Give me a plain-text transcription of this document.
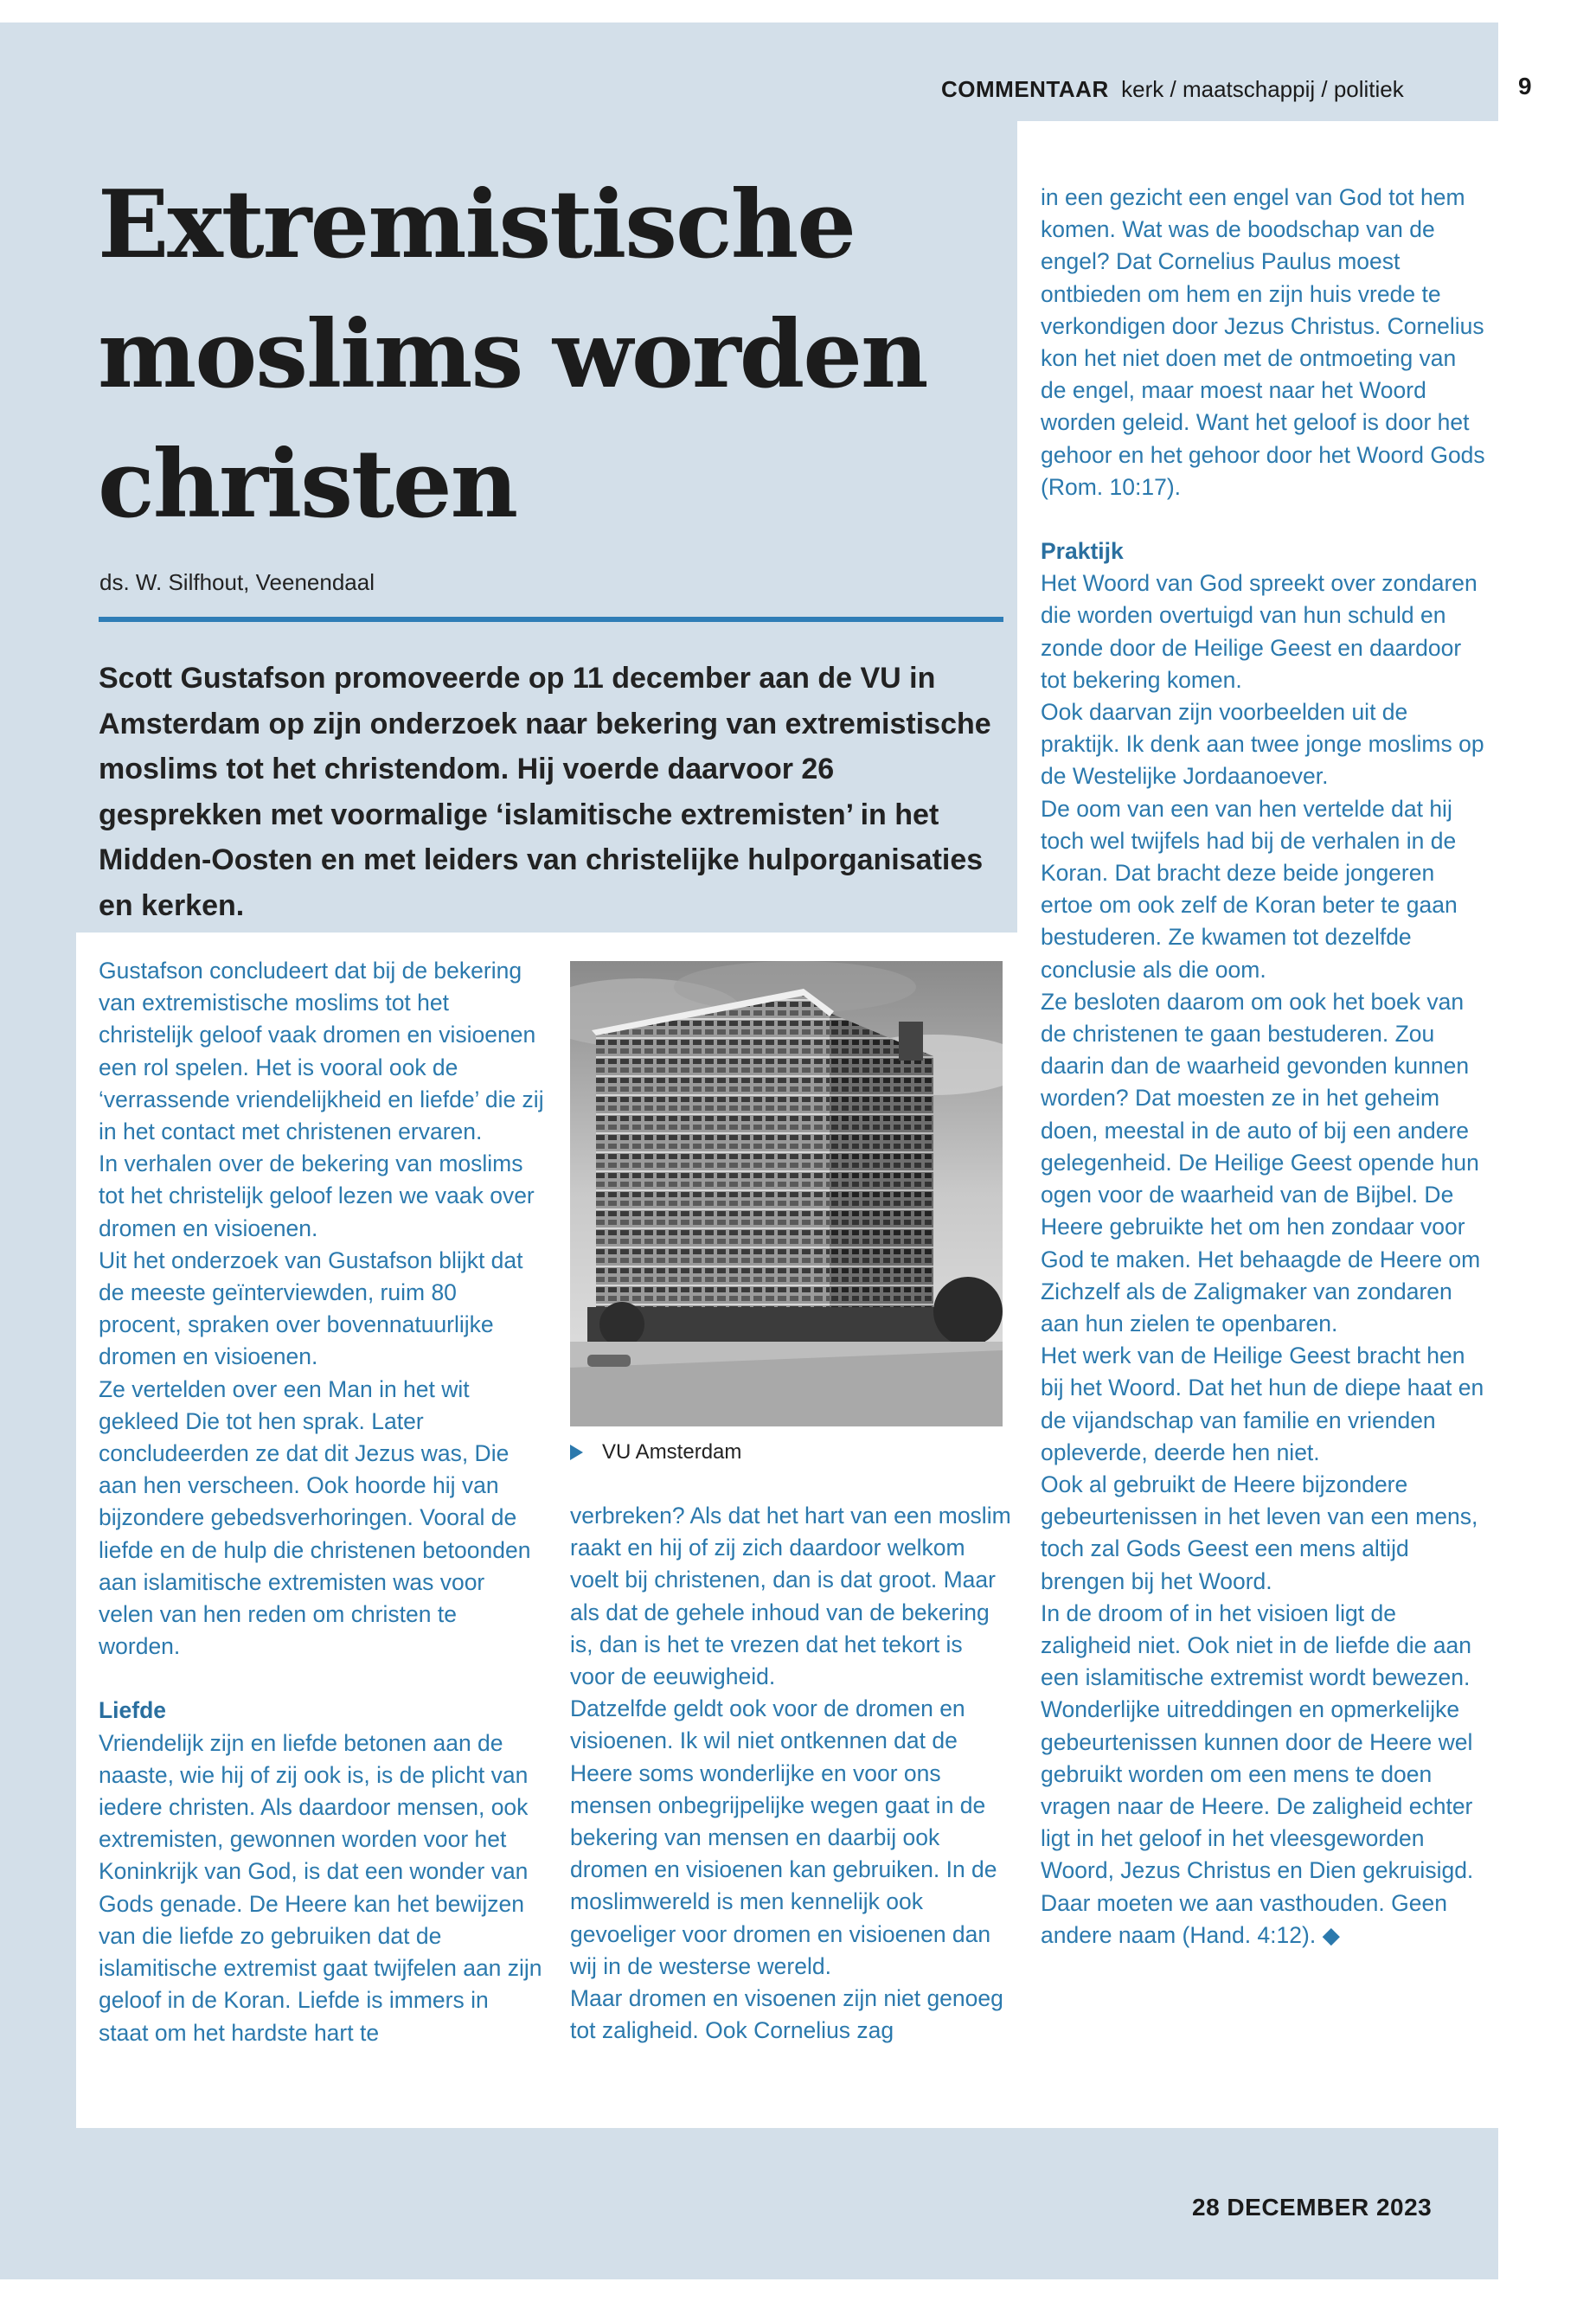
COMMENTAAR kerk / maatschappij / politiek	9
Extremistische moslims worden christen
ds. W. Silfhout, Veenendaal

Scott Gustafson promoveerde op 11 december aan de VU in Amsterdam op zijn onderzoek naar bekering van extremistische moslims tot het christendom. Hij voerde daarvoor 26 gesprekken met voormalige ‘islamitische extremisten’ in het Midden-Oosten en met leiders van christelijke hulporganisaties en kerken.

Gustafson concludeert dat bij de bekering van extremistische moslims tot het christelijk geloof vaak dromen en visioenen een rol spelen. Het is vooral ook de ‘verrassende vriendelijkheid en liefde’ die zij in het contact met christenen ervaren.

In verhalen over de bekering van moslims tot het christelijk geloof lezen we vaak over dromen en visioenen.

Uit het onderzoek van Gustafson blijkt dat de meeste geïnterviewden, ruim 80 procent, spraken over bovennatuurlijke dromen en visioenen.

Ze vertelden over een Man in het wit gekleed Die tot hen sprak. Later concludeerden ze dat dit Jezus was, Die aan hen verscheen. Ook hoorde hij van bijzondere gebedsverhoringen. Vooral de liefde en de hulp die christenen betoonden aan islamitische extremisten was voor velen van hen reden om christen te worden.

Liefde

Vriendelijk zijn en liefde betonen aan de naaste, wie hij of zij ook is, is de plicht van iedere christen. Als daardoor mensen, ook extremisten, gewonnen worden voor het Koninkrijk van God, is dat een wonder van Gods genade. De Heere kan het bewijzen van die liefde zo gebruiken dat de islamitische extremist gaat twijfelen aan zijn geloof in de Koran. Liefde is immers in staat om het hardste hart te

VU Amsterdam

verbreken? Als dat het hart van een moslim raakt en hij of zij zich daardoor welkom voelt bij christenen, dan is dat groot. Maar als dat de gehele inhoud van de bekering is, dan is het te vrezen dat het tekort is voor de eeuwigheid.

Datzelfde geldt ook voor de dromen en visioenen. Ik wil niet ontkennen dat de Heere soms wonderlijke en voor ons mensen onbegrijpelijke wegen gaat in de bekering van mensen en daarbij ook dromen en visioenen kan gebruiken. In de moslimwereld is men kennelijk ook gevoeliger voor dromen en visioenen dan wij in de westerse wereld.

Maar dromen en visoenen zijn niet genoeg tot zaligheid. Ook Cornelius zag

in een gezicht een engel van God tot hem komen. Wat was de boodschap van de engel? Dat Cornelius Paulus moest ontbieden om hem en zijn huis vrede te verkondigen door Jezus Christus. Cornelius kon het niet doen met de ontmoeting van de engel, maar moest naar het Woord worden geleid. Want het geloof is door het gehoor en het gehoor door het Woord Gods (Rom. 10:17).

Praktijk

Het Woord van God spreekt over zondaren die worden overtuigd van hun schuld en zonde door de Heilige Geest en daardoor tot bekering komen.

Ook daarvan zijn voorbeelden uit de praktijk. Ik denk aan twee jonge moslims op de Westelijke Jordaanoever.

De oom van een van hen vertelde dat hij toch wel twijfels had bij de verhalen in de Koran. Dat bracht deze beide jongeren ertoe om ook zelf de Koran beter te gaan bestuderen. Ze kwamen tot dezelfde conclusie als die oom.

Ze besloten daarom om ook het boek van de christenen te gaan bestuderen. Zou daarin dan de waarheid gevonden kunnen worden? Dat moesten ze in het geheim doen, meestal in de auto of bij een andere gelegenheid. De Heilige Geest opende hun ogen voor de waarheid van de Bijbel. De Heere gebruikte het om hen zondaar voor God te maken. Het behaagde de Heere om Zichzelf als de Zaligmaker van zondaren aan hun zielen te openbaren.

Het werk van de Heilige Geest bracht hen bij het Woord. Dat het hun de diepe haat en de vijandschap van familie en vrienden opleverde, deerde hen niet.

Ook al gebruikt de Heere bijzondere gebeurtenissen in het leven van een mens, toch zal Gods Geest een mens altijd brengen bij het Woord.

In de droom of in het visioen ligt de zaligheid niet. Ook niet in de liefde die aan een islamitische extremist wordt bewezen.

Wonderlijke uitreddingen en opmerkelijke gebeurtenissen kunnen door de Heere wel gebruikt worden om een mens te doen vragen naar de Heere. De zaligheid echter ligt in het geloof in het vleesgeworden Woord, Jezus Christus en Dien gekruisigd. Daar moeten we aan vasthouden. Geen andere naam (Hand. 4:12). ◆

28 DECEMBER 2023
